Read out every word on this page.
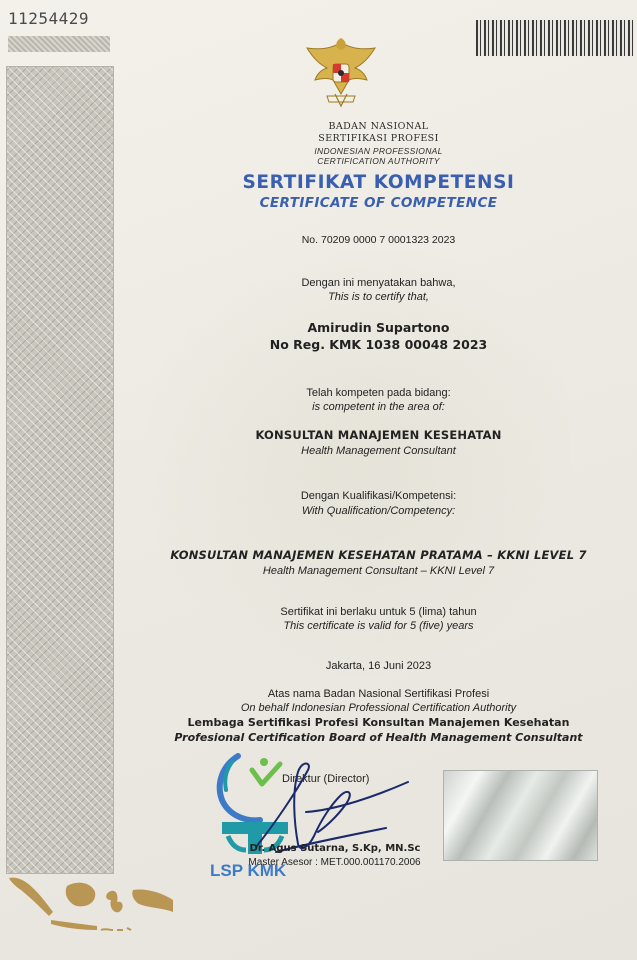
11254429
BADAN NASIONAL
SERTIFIKASI PROFESI
INDONESIAN PROFESSIONAL
CERTIFICATION AUTHORITY
SERTIFIKAT KOMPETENSI
CERTIFICATE OF COMPETENCE
No. 70209 0000 7 0001323 2023
Dengan ini menyatakan bahwa,
This is to certify that,
Amirudin Supartono
No Reg. KMK 1038 00048 2023
Telah kompeten pada bidang:
is competent in the area of:
KONSULTAN MANAJEMEN KESEHATAN
Health Management Consultant
Dengan Kualifikasi/Kompetensi:
With Qualification/Competency:
KONSULTAN MANAJEMEN KESEHATAN PRATAMA – KKNI LEVEL 7
Health Management Consultant – KKNI Level 7
Sertifikat ini berlaku untuk 5 (lima) tahun
This certificate is valid for 5 (five) years
Jakarta, 16 Juni 2023
Atas nama Badan Nasional Sertifikasi Profesi
On behalf Indonesian Professional Certification Authority
Lembaga Sertifikasi Profesi Konsultan Manajemen Kesehatan
Profesional Certification Board of Health Management Consultant
LSP KMK
Direktur (Director)
Dr. Agus Sutarna, S.Kp, MN.Sc
Master Asesor : MET.000.001170.2006
